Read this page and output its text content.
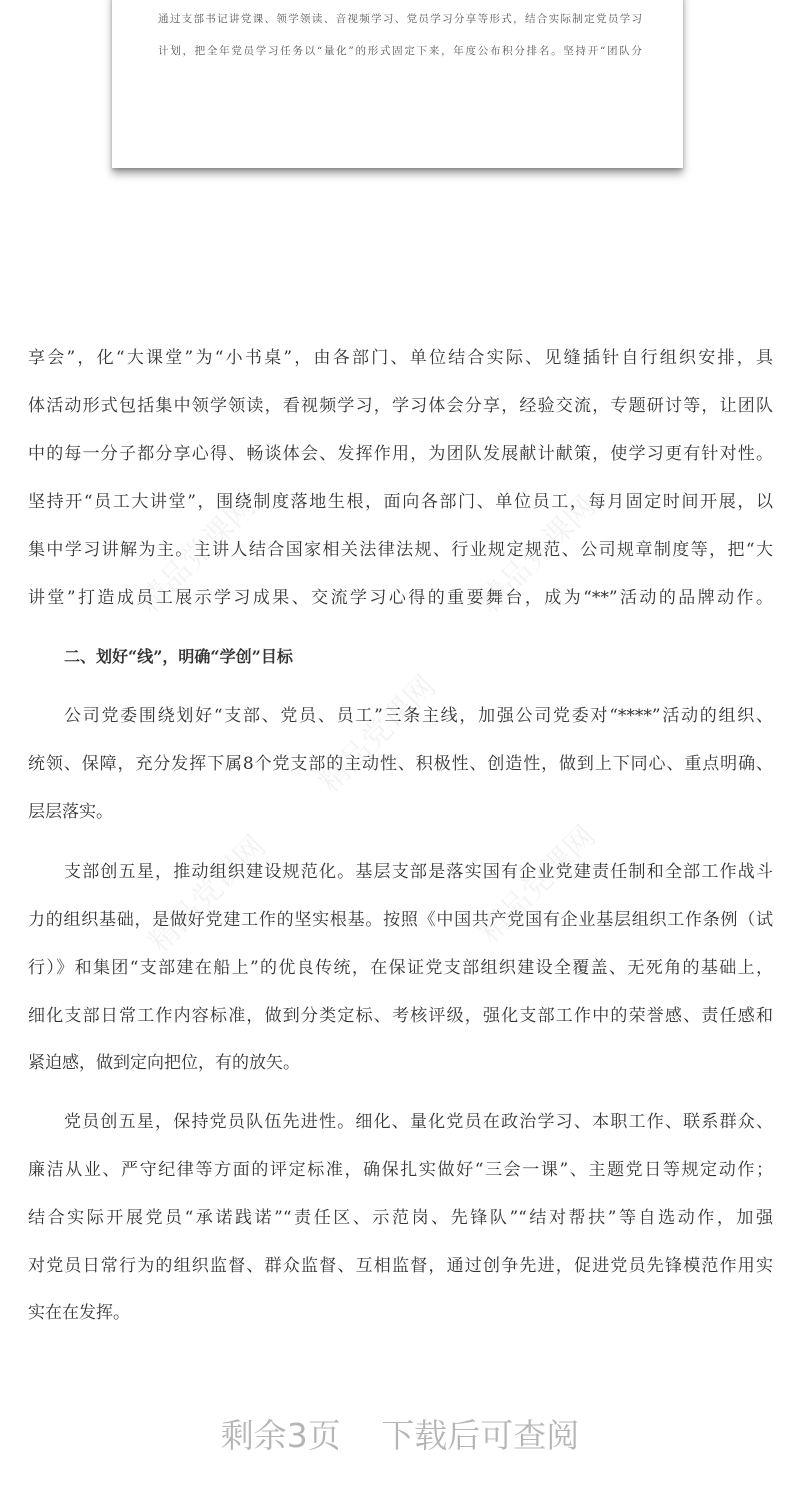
通过支部书记讲党课、领学领读、音视频学习、党员学习分享等形式，结合实际制定党员学习
计划，把全年党员学习任务以“量化”的形式固定下来，年度公布积分排名。坚持开“团队分
精品党课网	精品党课网
精品党课网
精品党课网	精品党课网
享会”，化“大课堂”为“小书桌”，由各部门、单位结合实际、见缝插针自行组织安排，具
体活动形式包括集中领学领读，看视频学习，学习体会分享，经验交流，专题研讨等，让团队
中的每一分子都分享心得、畅谈体会、发挥作用，为团队发展献计献策，使学习更有针对性。
坚持开“员工大讲堂”，围绕制度落地生根，面向各部门、单位员工，每月固定时间开展，以
集中学习讲解为主。主讲人结合国家相关法律法规、行业规定规范、公司规章制度等，把“大
讲堂”打造成员工展示学习成果、交流学习心得的重要舞台，成为“**”活动的品牌动作。
二、划好“线”，明确“学创”目标
公司党委围绕划好“支部、党员、员工”三条主线，加强公司党委对“****”活动的组织、
统领、保障，充分发挥下属8个党支部的主动性、积极性、创造性，做到上下同心、重点明确、
层层落实。
支部创五星，推动组织建设规范化。基层支部是落实国有企业党建责任制和全部工作战斗
力的组织基础，是做好党建工作的坚实根基。按照《中国共产党国有企业基层组织工作条例（试
行）》和集团“支部建在船上”的优良传统，在保证党支部组织建设全覆盖、无死角的基础上，
细化支部日常工作内容标准，做到分类定标、考核评级，强化支部工作中的荣誉感、责任感和
紧迫感，做到定向把位，有的放矢。
党员创五星，保持党员队伍先进性。细化、量化党员在政治学习、本职工作、联系群众、
廉洁从业、严守纪律等方面的评定标准，确保扎实做好“三会一课”、主题党日等规定动作；
结合实际开展党员“承诺践诺”“责任区、示范岗、先锋队”“结对帮扶”等自选动作，加强
对党员日常行为的组织监督、群众监督、互相监督，通过创争先进，促进党员先锋模范作用实
实在在发挥。
剩余3页 下载后可查阅
